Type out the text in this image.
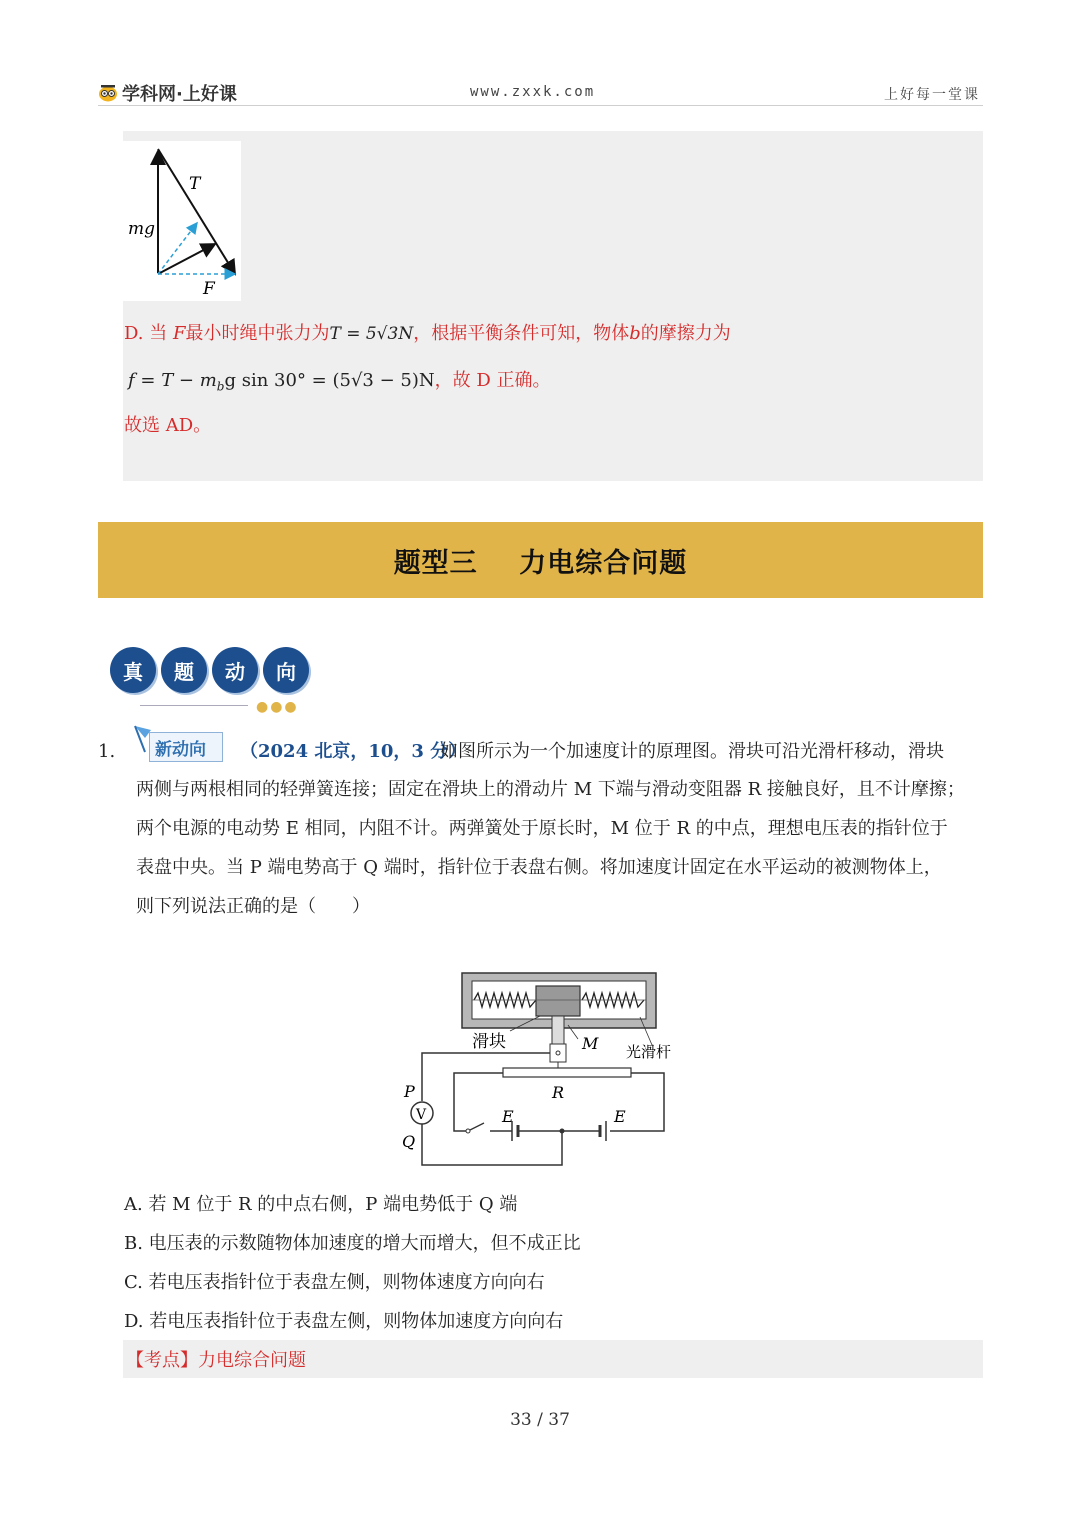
学科网·上好课	www.zxxk.com	上好每一堂课
T
mg
F
D. 当 F最小时绳中张力为T = 5√3N，根据平衡条件可知，物体b的摩擦力为
$f = T - m_bg$ sin 30° = (5√3 − 5)N，故 D 正确。
故选 AD。
题型三    力电综合问题
真	题	动	向
●●●
1. 新动向 （2024 北京，10，3 分）
如图所示为一个加速度计的原理图。滑块可沿光滑杆移动，滑块
两侧与两根相同的轻弹簧连接；固定在滑块上的滑动片 M 下端与滑动变阻器 R 接触良好，且不计摩擦；
两个电源的电动势 E 相同，内阻不计。两弹簧处于原长时，M 位于 R 的中点，理想电压表的指针位于
表盘中央。当 P 端电势高于 Q 端时，指针位于表盘右侧。将加速度计固定在水平运动的被测物体上，
则下列说法正确的是（　　）
滑块	M 光滑杆
V
P
Q
R
E	E
A. 若 M 位于 R 的中点右侧，P 端电势低于 Q 端
B. 电压表的示数随物体加速度的增大而增大，但不成正比
C. 若电压表指针位于表盘左侧，则物体速度方向向右
D. 若电压表指针位于表盘左侧，则物体加速度方向向右
【考点】力电综合问题
33 / 37
